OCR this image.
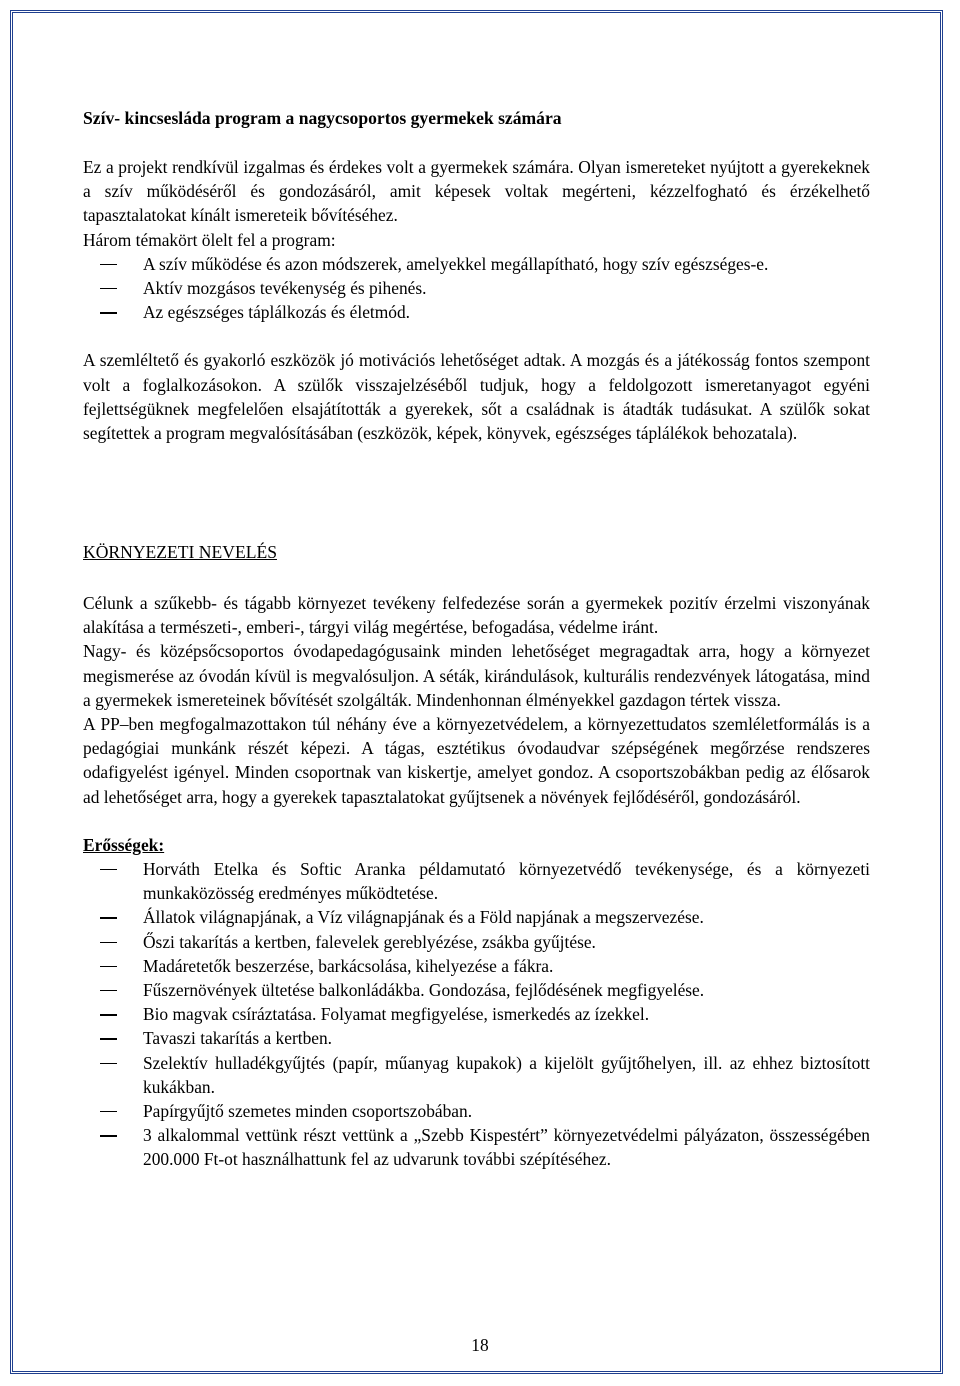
Szív- kincsesláda program a nagycsoportos gyermekek számára

Ez a projekt rendkívül izgalmas és érdekes volt a gyermekek számára. Olyan ismereteket nyújtott a gyerekeknek a szív működéséről és gondozásáról, amit képesek voltak megérteni, kézzelfogható és érzékelhető tapasztalatokat kínált ismereteik bővítéséhez.

Három témakört ölelt fel a program:

A szív működése és azon módszerek, amelyekkel megállapítható, hogy szív egészséges-e.
Aktív mozgásos tevékenység és pihenés.
Az egészséges táplálkozás és életmód.

A szemléltető és gyakorló eszközök jó motivációs lehetőséget adtak. A mozgás és a játékosság fontos szempont volt a foglalkozásokon. A szülők visszajelzéséből tudjuk, hogy a feldolgozott ismeretanyagot egyéni fejlettségüknek megfelelően elsajátították a gyerekek, sőt a családnak is átadták tudásukat. A szülők sokat segítettek a program megvalósításában (eszközök, képek, könyvek, egészséges táplálékok behozatala).

KÖRNYEZETI NEVELÉS

Célunk a szűkebb- és tágabb környezet tevékeny felfedezése során a gyermekek pozitív érzelmi viszonyának alakítása a természeti-, emberi-, tárgyi világ megértése, befogadása, védelme iránt.

Nagy- és középsőcsoportos óvodapedagógusaink minden lehetőséget megragadtak arra, hogy a környezet megismerése az óvodán kívül is megvalósuljon. A séták, kirándulások, kulturális rendezvények látogatása, mind a gyermekek ismereteinek bővítését szolgálták. Mindenhonnan élményekkel gazdagon tértek vissza.

A PP–ben megfogalmazottakon túl néhány éve a környezetvédelem, a környezettudatos szemléletformálás is a pedagógiai munkánk részét képezi. A tágas, esztétikus óvodaudvar szépségének megőrzése rendszeres odafigyelést igényel. Minden csoportnak van kiskertje, amelyet gondoz. A csoportszobákban pedig az élősarok ad lehetőséget arra, hogy a gyerekek tapasztalatokat gyűjtsenek a növények fejlődéséről, gondozásáról.

Erősségek:

Horváth Etelka és Softic Aranka példamutató környezetvédő tevékenysége, és a környezeti munkaközösség eredményes működtetése.
Állatok világnapjának, a Víz világnapjának és a Föld napjának a megszervezése.
Őszi takarítás a kertben, falevelek gereblyézése, zsákba gyűjtése.
Madáretetők beszerzése, barkácsolása, kihelyezése a fákra.
Fűszernövények ültetése balkonládákba. Gondozása, fejlődésének megfigyelése.
Bio magvak csíráztatása. Folyamat megfigyelése, ismerkedés az ízekkel.
Tavaszi takarítás a kertben.
Szelektív hulladékgyűjtés (papír, műanyag kupakok) a kijelölt gyűjtőhelyen, ill. az ehhez biztosított kukákban.
Papírgyűjtő szemetes minden csoportszobában.
3 alkalommal vettünk részt vettünk a „Szebb Kispestért” környezetvédelmi pályázaton, összességében 200.000 Ft-ot használhattunk fel az udvarunk további szépítéséhez.
18
